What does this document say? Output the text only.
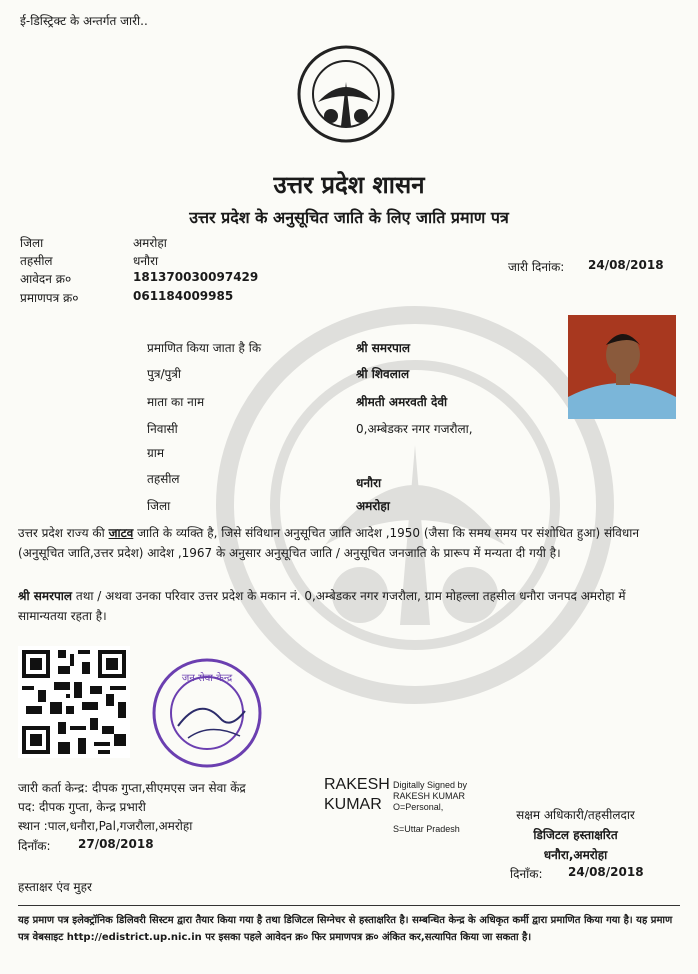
ई-डिस्ट्रिक्ट के अन्तर्गत जारी..
उत्तर प्रदेश शासन
उत्तर प्रदेश के अनुसूचित जाति के लिए जाति प्रमाण पत्र
जिला	अमरोहा
तहसील	धनौरा
आवेदन क्र०	181370030097429
प्रमाणपत्र क्र०	061184009985
जारी दिनांक: 24/08/2018
प्रमाणित किया जाता है कि	श्री समरपाल
पुत्र/पुत्री	श्री शिवलाल
माता का नाम	श्रीमती अमरवती देवी
निवासी	0,अम्बेडकर नगर गजरौला,
ग्राम
तहसील	धनौरा
जिला	अमरोहा
उत्तर प्रदेश राज्य की जाटव जाति के व्यक्ति है, जिसे संविधान अनुसूचित जाति आदेश ,1950 (जैसा कि समय समय पर संशोधित हुआ) संविधान (अनुसूचित जाति,उत्तर प्रदेश) आदेश ,1967 के अनुसार अनुसूचित जाति / अनुसूचित जनजाति के प्रारूप में मन्यता दी गयी है।
श्री समरपाल तथा / अथवा उनका परिवार उत्तर प्रदेश के मकान नं. 0,अम्बेडकर नगर गजरौला, ग्राम मोहल्ला तहसील धनौरा जनपद अमरोहा में सामान्यतया रहता है।
जन सेवा केन्द्र
जारी कर्ता केन्द्र: दीपक गुप्ता,सीएमएस जन सेवा केंद्र
पद: दीपक गुप्ता, केन्द्र प्रभारी
स्थान :पाल,धनौरा,Pal,गजरौला,अमरोहा
दिनाँक: 27/08/2018
RAKESH
KUMAR
Digitally Signed by
RAKESH KUMAR
O=Personal,
S=Uttar Pradesh
सक्षम अधिकारी/तहसीलदार
डिजिटल हस्ताक्षरित
धनौरा,अमरोहा
दिनाँक: 24/08/2018
हस्ताक्षर एंव मुहर
यह प्रमाण पत्र इलेक्ट्रॉनिक डिलिवरी सिस्टम द्वारा तैयार किया गया है तथा डिजिटल सिग्नेचर से हस्ताक्षरित है। सम्बन्धित केन्द्र के अधिकृत कर्मी द्वारा प्रमाणित किया गया है। यह प्रमाण पत्र वेबसाइट http://edistrict.up.nic.in पर इसका पहले आवेदन क्र० फिर प्रमाणपत्र क्र० अंकित कर,सत्यापित किया जा सकता है।
